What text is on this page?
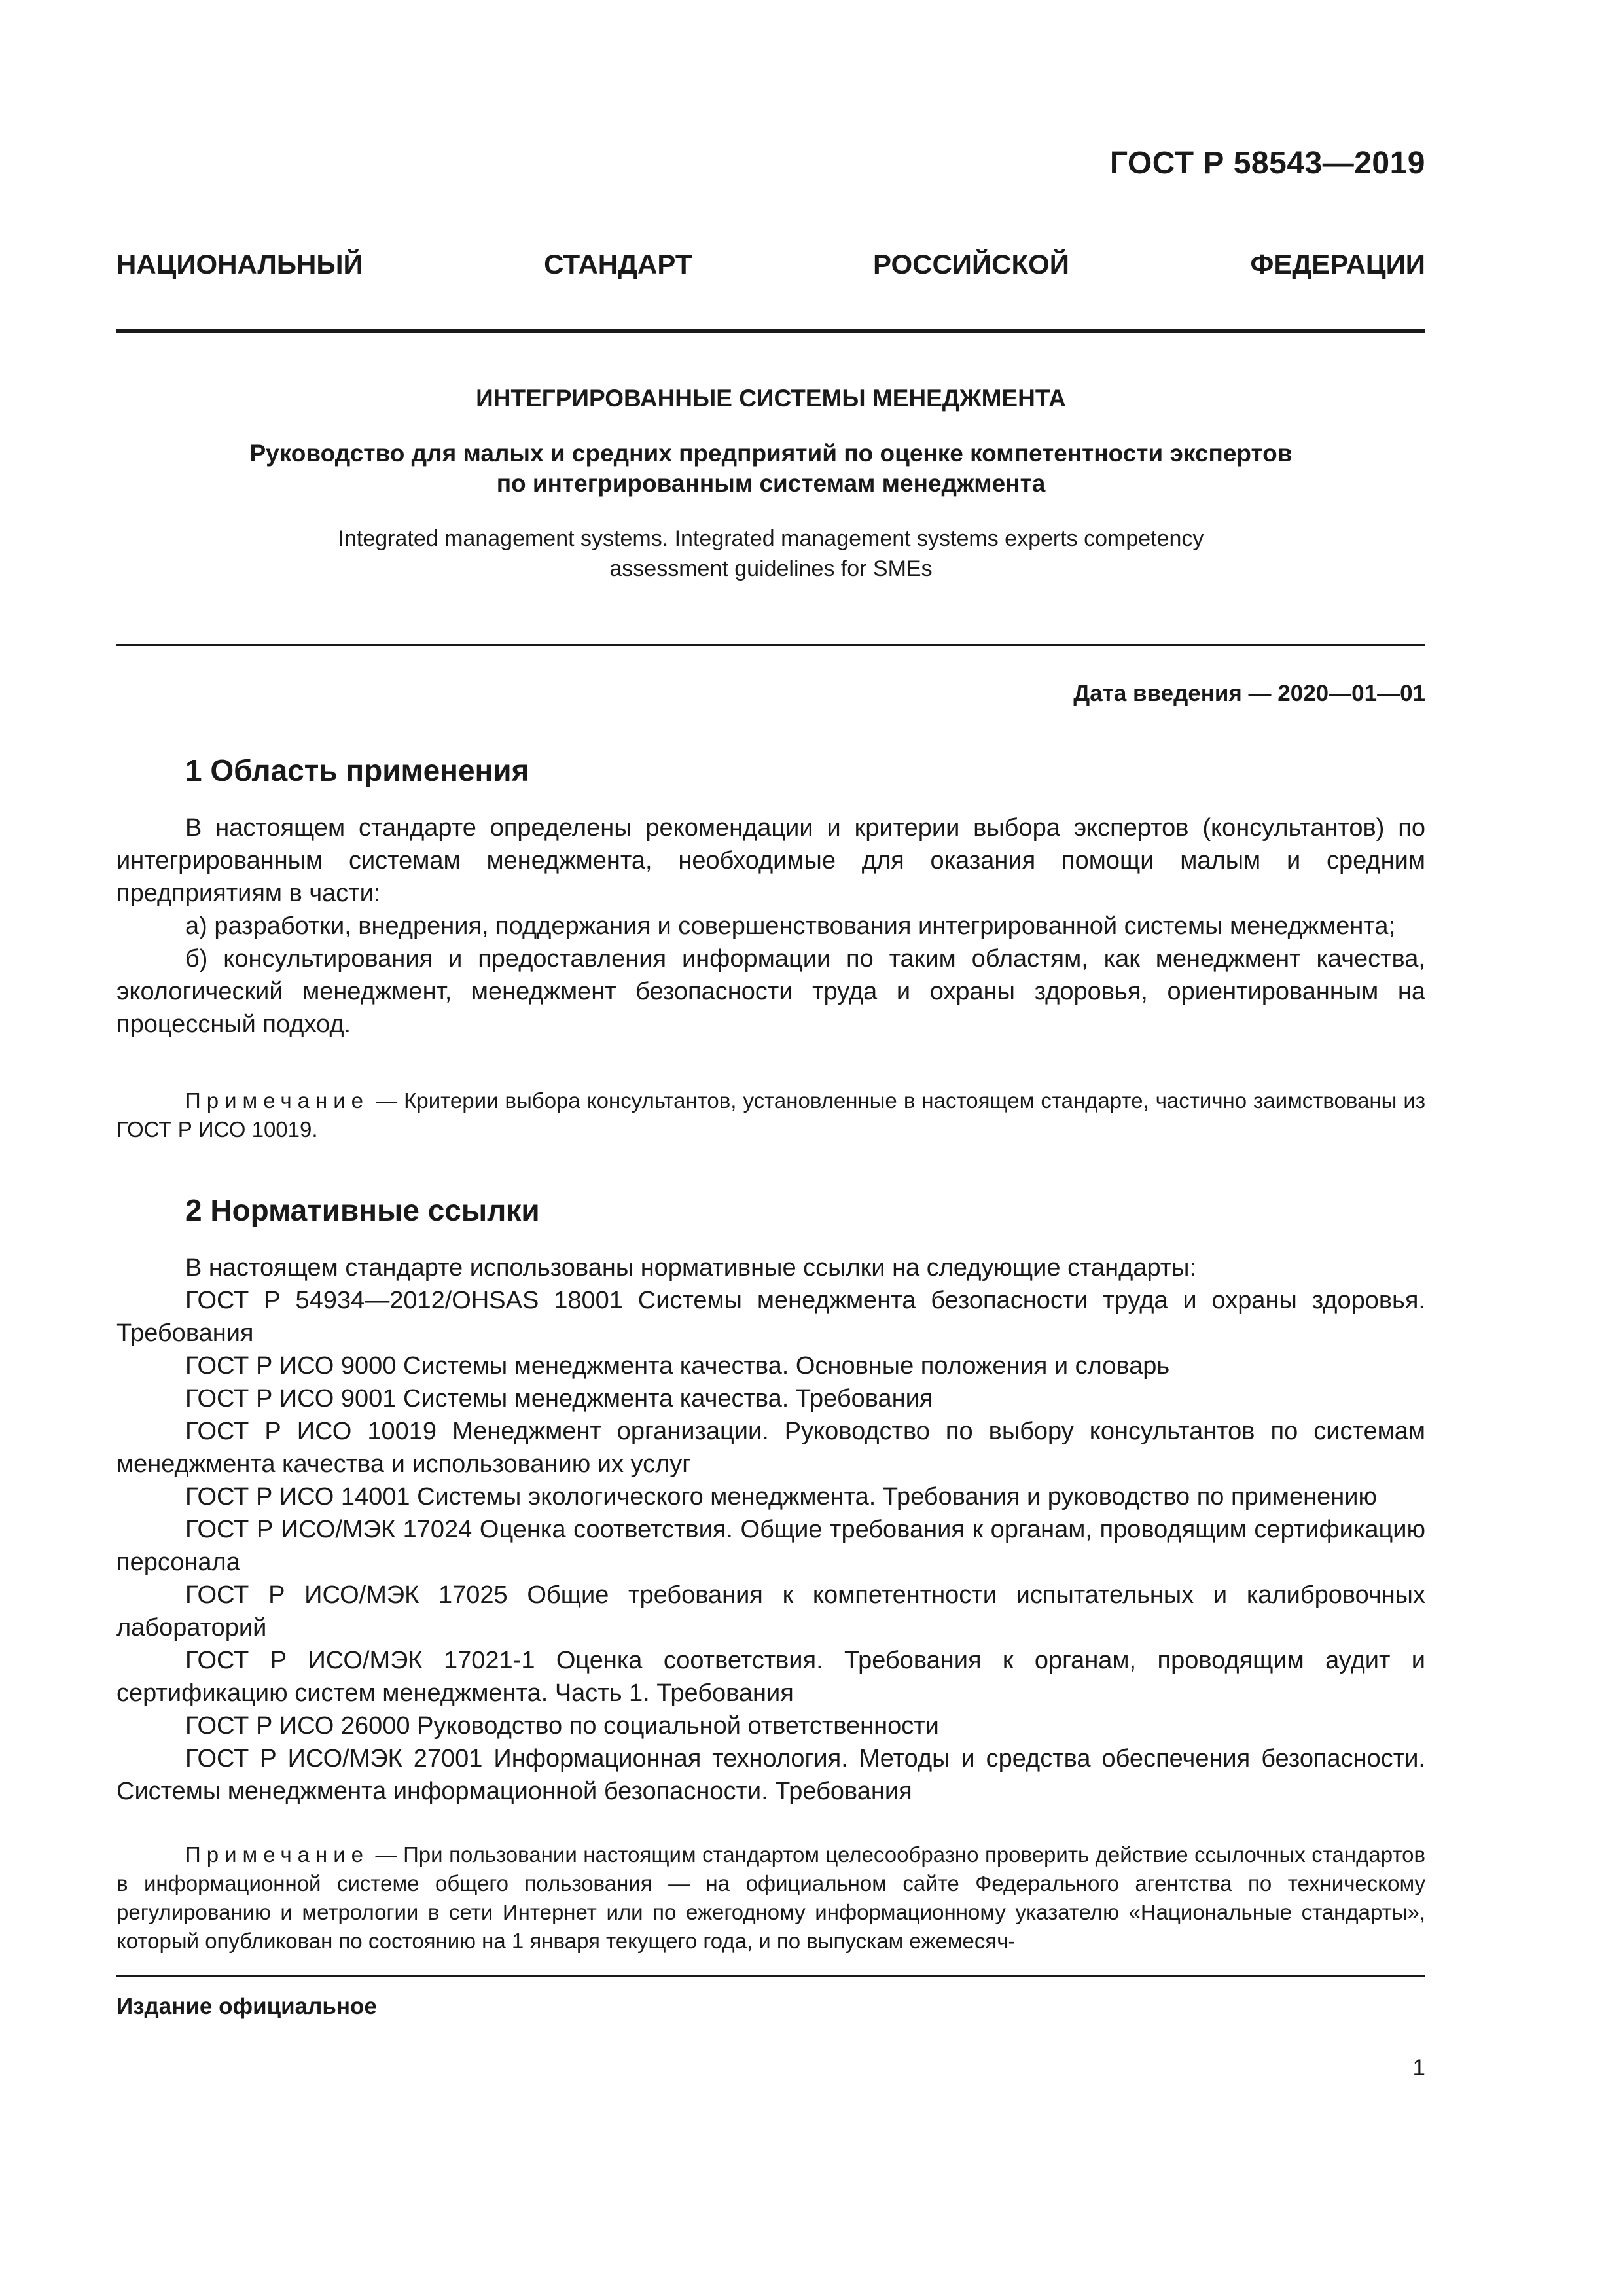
ГОСТ Р 58543—2019
НАЦИОНАЛЬНЫЙ СТАНДАРТ РОССИЙСКОЙ ФЕДЕРАЦИИ
ИНТЕГРИРОВАННЫЕ СИСТЕМЫ МЕНЕДЖМЕНТА
Руководство для малых и средних предприятий по оценке компетентности экспертов
по интегрированным системам менеджмента
Integrated management systems. Integrated management systems experts competency
assessment guidelines for SMEs
Дата введения — 2020—01—01
1 Область применения

В настоящем стандарте определены рекомендации и критерии выбора экспертов (консультантов) по интегрированным системам менеджмента, необходимые для оказания помощи малым и средним предприятиям в части:

а) разработки, внедрения, поддержания и совершенствования интегрированной системы менеджмента;

б) консультирования и предоставления информации по таким областям, как менеджмент качества, экологический менеджмент, менеджмент безопасности труда и охраны здоровья, ориентированным на процессный подход.

Примечание — Критерии выбора консультантов, установленные в настоящем стандарте, частично заимствованы из ГОСТ Р ИСО 10019.

2 Нормативные ссылки

В настоящем стандарте использованы нормативные ссылки на следующие стандарты:

ГОСТ Р 54934—2012/OHSAS 18001 Системы менеджмента безопасности труда и охраны здоровья. Требования

ГОСТ Р ИСО 9000 Системы менеджмента качества. Основные положения и словарь

ГОСТ Р ИСО 9001 Системы менеджмента качества. Требования

ГОСТ Р ИСО 10019 Менеджмент организации. Руководство по выбору консультантов по системам менеджмента качества и использованию их услуг

ГОСТ Р ИСО 14001 Системы экологического менеджмента. Требования и руководство по применению

ГОСТ Р ИСО/МЭК 17024 Оценка соответствия. Общие требования к органам, проводящим сертификацию персонала

ГОСТ Р ИСО/МЭК 17025 Общие требования к компетентности испытательных и калибровочных лабораторий

ГОСТ Р ИСО/МЭК 17021-1 Оценка соответствия. Требования к органам, проводящим аудит и сертификацию систем менеджмента. Часть 1. Требования

ГОСТ Р ИСО 26000 Руководство по социальной ответственности

ГОСТ Р ИСО/МЭК 27001 Информационная технология. Методы и средства обеспечения безопасности. Системы менеджмента информационной безопасности. Требования

Примечание — При пользовании настоящим стандартом целесообразно проверить действие ссылочных стандартов в информационной системе общего пользования — на официальном сайте Федерального агентства по техническому регулированию и метрологии в сети Интернет или по ежегодному информационному указателю «Национальные стандарты», который опубликован по состоянию на 1 января текущего года, и по выпускам ежемесяч-

Издание официальное
1
